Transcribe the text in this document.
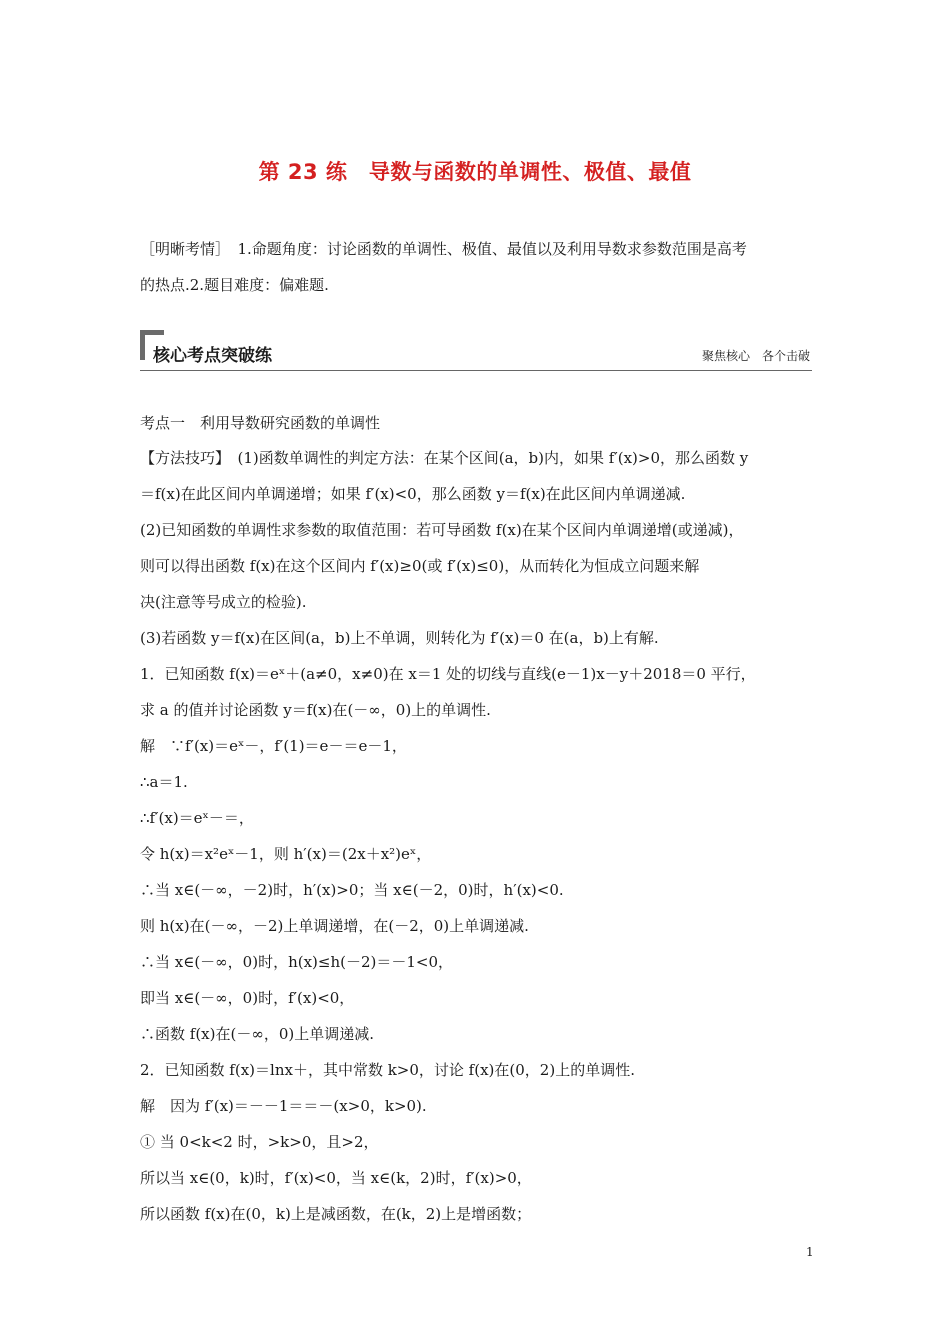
第 23 练　导数与函数的单调性、极值、最值
［明晰考情］　1.命题角度：讨论函数的单调性、极值、最值以及利用导数求参数范围是高考
的热点.2.题目难度：偏难题.
核心考点突破练	聚焦核心　各个击破
考点一　利用导数研究函数的单调性
【方法技巧】　(1)函数单调性的判定方法：在某个区间(a，b)内，如果 f′(x)>0，那么函数 y
＝f(x)在此区间内单调递增；如果 f′(x)<0，那么函数 y＝f(x)在此区间内单调递减.
(2)已知函数的单调性求参数的取值范围：若可导函数 f(x)在某个区间内单调递增(或递减)，
则可以得出函数 f(x)在这个区间内 f′(x)≥0(或 f′(x)≤0)，从而转化为恒成立问题来解
决(注意等号成立的检验).
(3)若函数 y＝f(x)在区间(a，b)上不单调，则转化为 f′(x)＝0 在(a，b)上有解.
1．已知函数 f(x)＝eˣ＋(a≠0，x≠0)在 x＝1 处的切线与直线(e－1)x－y＋2018＝0 平行，
求 a 的值并讨论函数 y＝f(x)在(－∞，0)上的单调性.
解　∵f′(x)＝eˣ－，f′(1)＝e－＝e－1，
∴a＝1.
∴f′(x)＝eˣ－＝，
令 h(x)＝x²eˣ－1，则 h′(x)＝(2x＋x²)eˣ，
∴当 x∈(－∞，－2)时，h′(x)>0；当 x∈(－2，0)时，h′(x)<0.
则 h(x)在(－∞，－2)上单调递增，在(－2，0)上单调递减.
∴当 x∈(－∞，0)时，h(x)≤h(－2)＝－1<0，
即当 x∈(－∞，0)时，f′(x)<0，
∴函数 f(x)在(－∞，0)上单调递减.
2．已知函数 f(x)＝lnx＋，其中常数 k>0，讨论 f(x)在(0，2)上的单调性.
解　因为 f′(x)＝－－1＝＝－(x>0，k>0).
① 当 0<k<2 时，>k>0，且>2，
所以当 x∈(0，k)时，f′(x)<0，当 x∈(k，2)时，f′(x)>0，
所以函数 f(x)在(0，k)上是减函数，在(k，2)上是增函数；
1
